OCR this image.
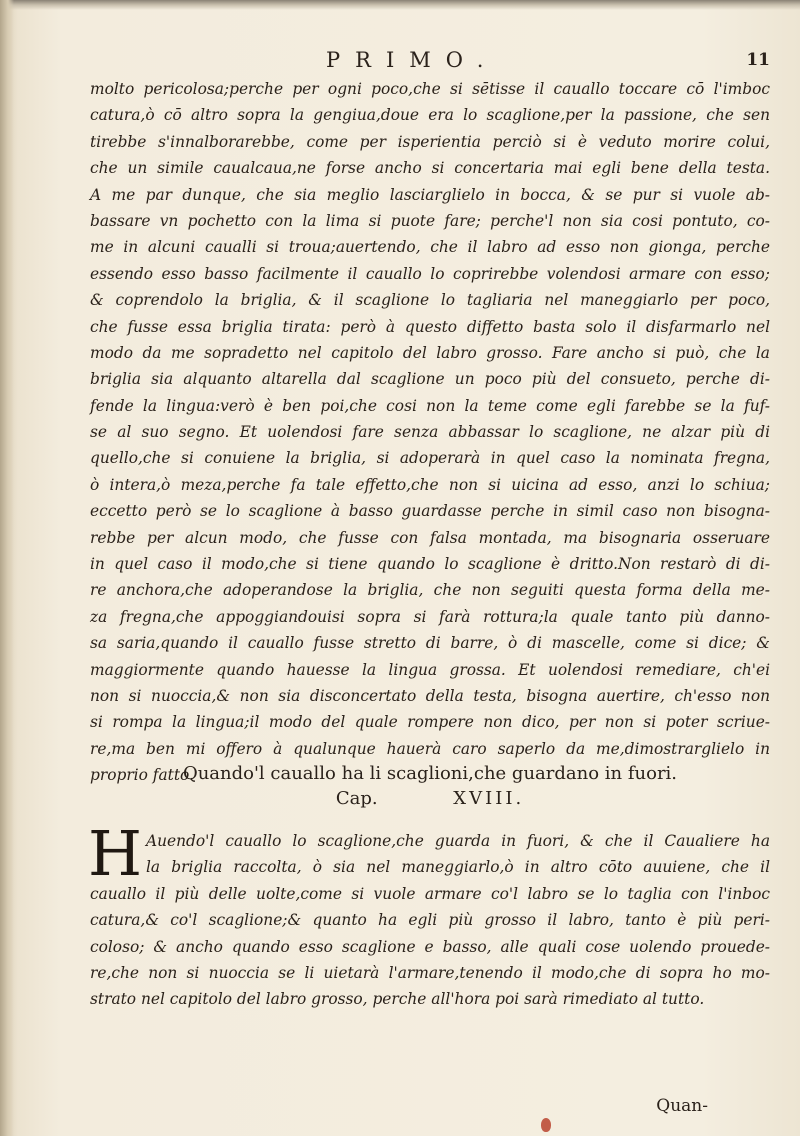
PRIMO.	11
molto pericolosa;perche per ogni poco,che si sētisse il cauallo toccare cō l'imboc
catura,ò cō altro sopra la gengiua,doue era lo scaglione,per la passione, che sen
tirebbe s'innalborarebbe, come per isperientia perciò si è veduto morire colui,
che un simile caualcaua,ne forse ancho si concertaria mai egli bene della testa.
A me par dunque, che sia meglio lasciarglielo in bocca, & se pur si vuole ab-
bassare vn pochetto con la lima si puote fare; perche'l non sia cosi pontuto, co-
me in alcuni caualli si troua;auertendo, che il labro ad esso non gionga, perche
essendo esso basso facilmente il cauallo lo coprirebbe volendosi armare con esso;
& coprendolo la briglia, & il scaglione lo tagliaria nel maneggiarlo per poco,
che fusse essa briglia tirata: però à questo diffetto basta solo il disfarmarlo nel
modo da me sopradetto nel capitolo del labro grosso. Fare ancho si può, che la
briglia sia alquanto altarella dal scaglione un poco più del consueto, perche di-
fende la lingua:verò è ben poi,che cosi non la teme come egli farebbe se la fuf-
se al suo segno. Et uolendosi fare senza abbassar lo scaglione, ne alzar più di
quello,che si conuiene la briglia, si adoperarà in quel caso la nominata fregna,
ò intera,ò meza,perche fa tale effetto,che non si uicina ad esso, anzi lo schiua;
eccetto però se lo scaglione à basso guardasse perche in simil caso non bisogna-
rebbe per alcun modo, che fusse con falsa montada, ma bisognaria osseruare
in quel caso il modo,che si tiene quando lo scaglione è dritto.Non restarò di di-
re anchora,che adoperandose la briglia, che non seguiti questa forma della me-
za fregna,che appoggiandouisi sopra si farà rottura;la quale tanto più danno-
sa saria,quando il cauallo fusse stretto di barre, ò di mascelle, come si dice; &
maggiormente quando hauesse la lingua grossa. Et uolendosi remediare, ch'ei
non si nuoccia,& non sia disconcertato della testa, bisogna auertire, ch'esso non
si rompa la lingua;il modo del quale rompere non dico, per non si poter scriue-
re,ma ben mi offero à qualunque hauerà caro saperlo da me,dimostrarglielo in
proprio fatto.
Quando'l cauallo ha li scaglioni,che guardano in fuori.
Cap.	XVIII.
H Auendo'l cauallo lo scaglione,che guarda in fuori, & che il Caualiere ha
la briglia raccolta, ò sia nel maneggiarlo,ò in altro cōto auuiene, che il
cauallo il più delle uolte,come si vuole armare co'l labro se lo taglia con l'inboc
catura,& co'l scaglione;& quanto ha egli più grosso il labro, tanto è più peri-
coloso; & ancho quando esso scaglione e basso, alle quali cose uolendo prouede-
re,che non si nuoccia se li uietarà l'armare,tenendo il modo,che di sopra ho mo-
strato nel capitolo del labro grosso, perche all'hora poi sarà rimediato al tutto.
Quan-
